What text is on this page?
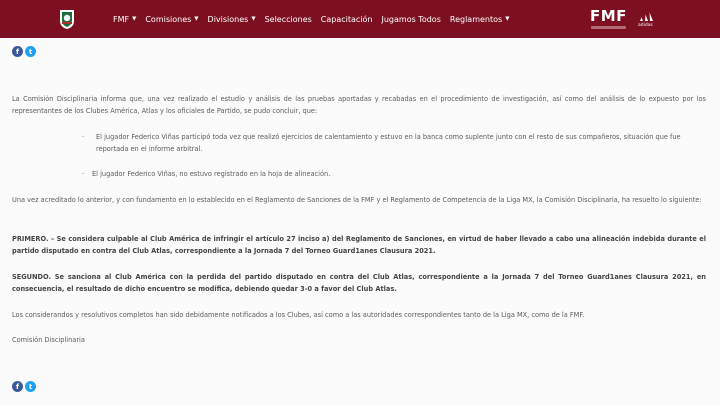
FMF ▼ Comisiones ▼ Divisiones ▼ Selecciones Capacitación Jugamos Todos Reglamentos ▼	FMF
adidas
f	t

La Comisión Disciplinaria informa que, una vez realizado el estudio y análisis de las pruebas aportadas y recabadas en el procedimiento de investigación, así como del análisis de lo expuesto por los representantes de los Clubes América, Atlas y los oficiales de Partido, se pudo concluir, que:

· El jugador Federico Viñas participó toda vez que realizó ejercicios de calentamiento y estuvo en la banca como suplente junto con el resto de sus compañeros, situación que fue reportada en el informe arbitral.
· El jugador Federico Viñas, no estuvo registrado en la hoja de alineación.

Una vez acreditado lo anterior, y con fundamento en lo establecido en el Reglamento de Sanciones de la FMF y el Reglamento de Competencia de la Liga MX, la Comisión Disciplinaria, ha resuelto lo siguiente:

PRIMERO. – Se considera culpable al Club América de infringir el artículo 27 inciso a) del Reglamento de Sanciones, en virtud de haber llevado a cabo una alineación indebida durante el partido disputado en contra del Club Atlas, correspondiente a la Jornada 7 del Torneo Guard1anes Clausura 2021.

SEGUNDO. Se sanciona al Club América con la perdida del partido disputado en contra del Club Atlas, correspondiente a la Jornada 7 del Torneo Guard1anes Clausura 2021, en consecuencia, el resultado de dicho encuentro se modifica, debiendo quedar 3-0 a favor del Club Atlas.

Los considerandos y resolutivos completos han sido debidamente notificados a los Clubes, así como a las autoridades correspondientes tanto de la Liga MX, como de la FMF.

Comisión Disciplinaria

f	t
